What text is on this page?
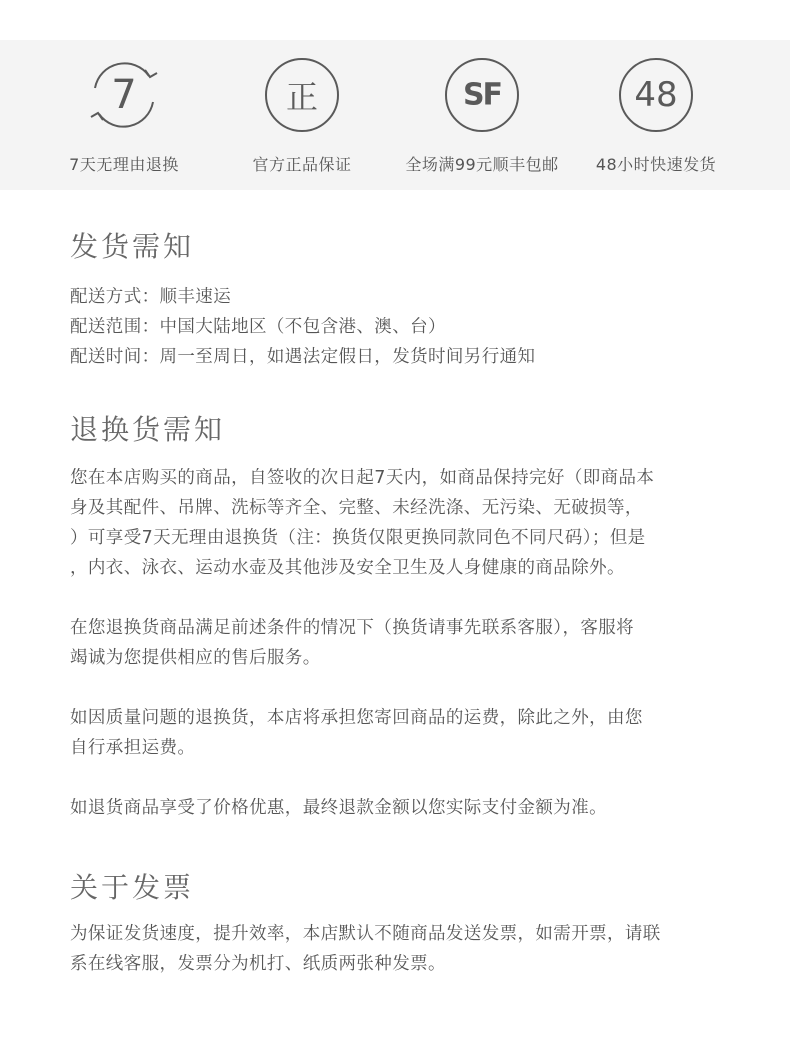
7
7天无理由退换
正
官方正品保证
SF
全场满99元顺丰包邮
48
48小时快速发货
发货需知

配送方式：顺丰速运
配送范围：中国大陆地区（不包含港、澳、台）
配送时间：周一至周日，如遇法定假日，发货时间另行通知

退换货需知

您在本店购买的商品，自签收的次日起7天内，如商品保持完好（即商品本
身及其配件、吊牌、洗标等齐全、完整、未经洗涤、无污染、无破损等，
）可享受7天无理由退换货（注：换货仅限更换同款同色不同尺码）；但是
，内衣、泳衣、运动水壶及其他涉及安全卫生及人身健康的商品除外。

在您退换货商品满足前述条件的情况下（换货请事先联系客服），客服将
竭诚为您提供相应的售后服务。

如因质量问题的退换货，本店将承担您寄回商品的运费，除此之外，由您
自行承担运费。

如退货商品享受了价格优惠，最终退款金额以您实际支付金额为准。

关于发票

为保证发货速度，提升效率，本店默认不随商品发送发票，如需开票，请联
系在线客服，发票分为机打、纸质两张种发票。
